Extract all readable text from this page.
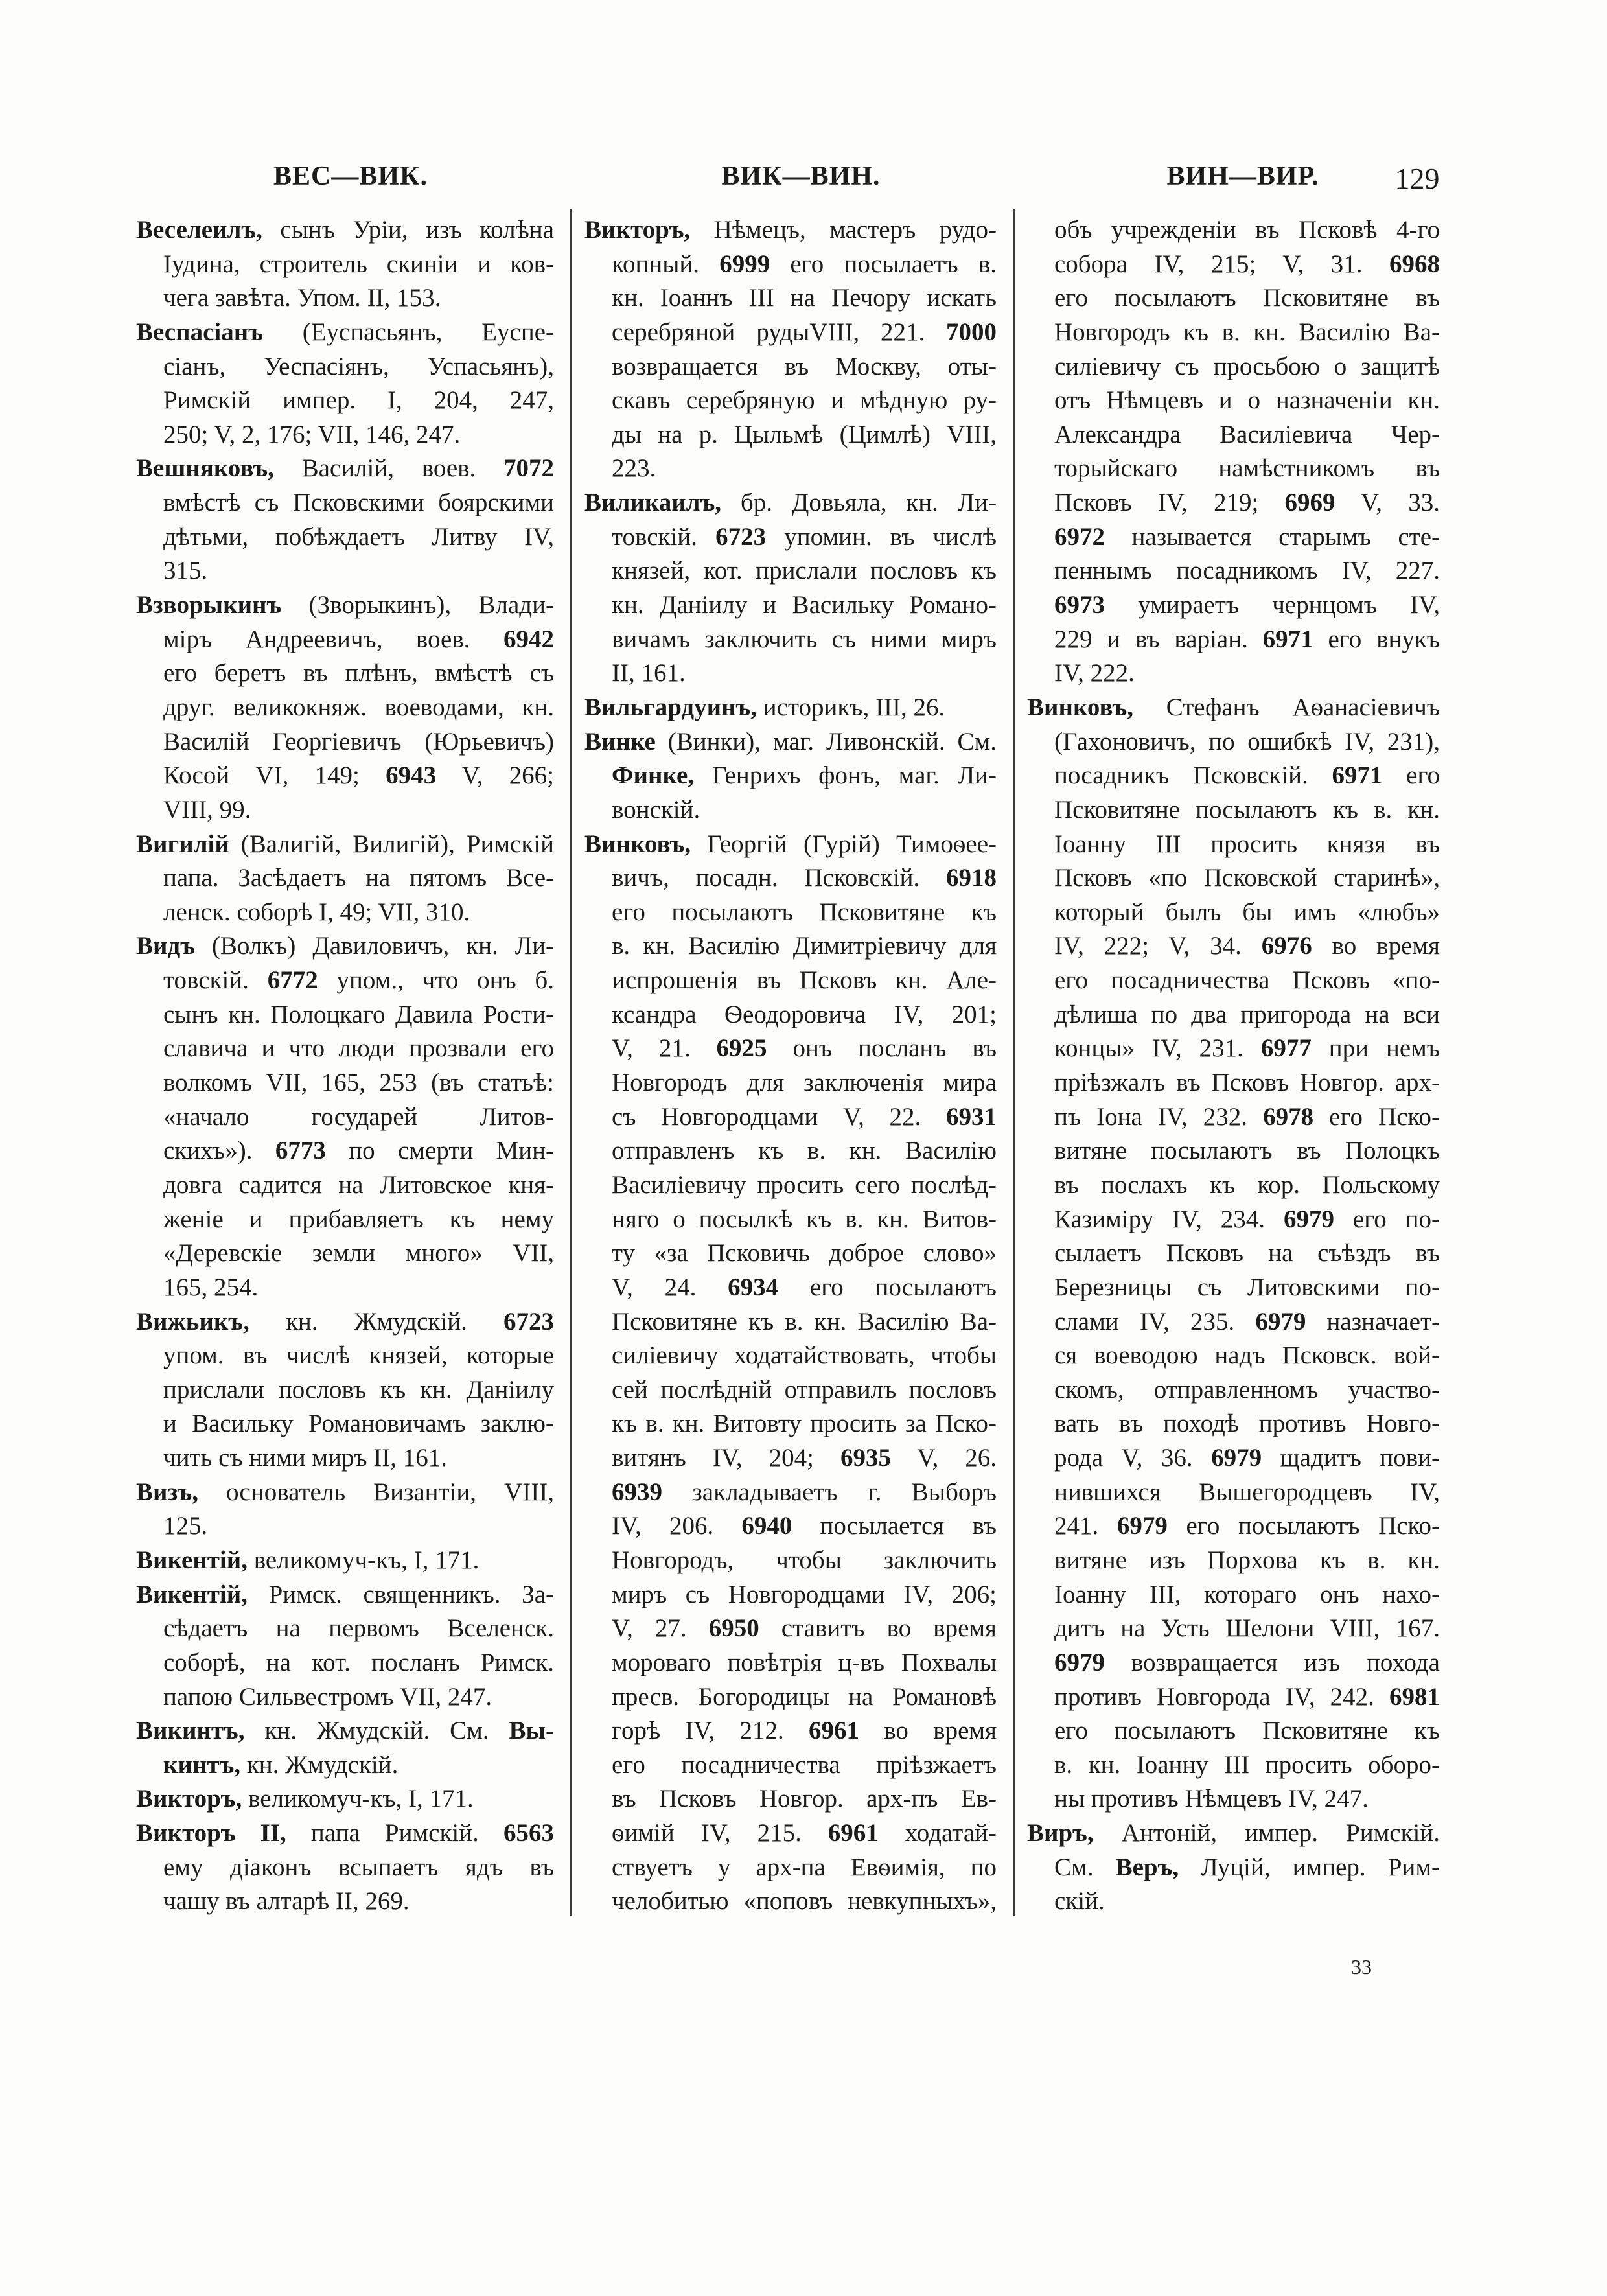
ВЕС—ВИК.	ВИК—ВИН.	ВИН—ВИР.	129
Веселеилъ, сынъ Уріи, изъ колѣна
Іудина, строитель скиніи и ков-
чега завѣта. Упом. II, 153.
Веспасіанъ (Еуспасьянъ, Еуспе-
сіанъ, Уеспасіянъ, Успасьянъ),
Римскій импер. I, 204, 247,
250; V, 2, 176; VII, 146, 247.
Вешняковъ, Василій, воев. 7072
вмѣстѣ съ Псковскими боярскими
дѣтьми, побѣждаетъ Литву IV,
315.
Взворыкинъ (Зворыкинъ), Влади-
міръ Андреевичъ, воев. 6942
его беретъ въ плѣнъ, вмѣстѣ съ
друг. великокняж. воеводами, кн.
Василій Георгіевичъ (Юрьевичъ)
Косой VI, 149; 6943 V, 266;
VIII, 99.
Вигилій (Валигій, Вилигій), Римскій
папа. Засѣдаетъ на пятомъ Все-
ленск. соборѣ I, 49; VII, 310.
Видъ (Волкъ) Давиловичъ, кн. Ли-
товскій. 6772 упом., что онъ б.
сынъ кн. Полоцкаго Давила Рости-
славича и что люди прозвали его
волкомъ VII, 165, 253 (въ статьѣ:
«начало государей Литов-
скихъ»). 6773 по смерти Мин-
довга садится на Литовское кня-
женіе и прибавляетъ къ нему
«Деревскіе земли много» VII,
165, 254.
Вижьикъ, кн. Жмудскій. 6723
упом. въ числѣ князей, которые
прислали пословъ къ кн. Даніилу
и Васильку Романовичамъ заклю-
чить съ ними миръ II, 161.
Визъ, основатель Византіи, VIII,
125.
Викентій, великомуч-къ, I, 171.
Викентій, Римск. священникъ. За-
сѣдаетъ на первомъ Вселенск.
соборѣ, на кот. посланъ Римск.
папою Сильвестромъ VII, 247.
Викинтъ, кн. Жмудскій. См. Вы-
кинтъ, кн. Жмудскій.
Викторъ, великомуч-къ, I, 171.
Викторъ II, папа Римскій. 6563
ему діаконъ всыпаетъ ядъ въ
чашу въ алтарѣ II, 269.
Викторъ, Нѣмецъ, мастеръ рудо-
копный. 6999 его посылаетъ в.
кн. Іоаннъ III на Печору искать
серебряной рудыVIII, 221. 7000
возвращается въ Москву, оты-
скавъ серебряную и мѣдную ру-
ды на р. Цыльмѣ (Цимлѣ) VIII,
223.
Виликаилъ, бр. Довьяла, кн. Ли-
товскій. 6723 упомин. въ числѣ
князей, кот. прислали пословъ къ
кн. Даніилу и Васильку Романо-
вичамъ заключить съ ними миръ
II, 161.
Вильгардуинъ, историкъ, III, 26.
Винке (Винки), маг. Ливонскій. См.
Финке, Генрихъ фонъ, маг. Ли-
вонскій.
Винковъ, Георгій (Гурій) Тимоѳее-
вичъ, посадн. Псковскій. 6918
его посылаютъ Псковитяне къ
в. кн. Василію Димитріевичу для
испрошенія въ Псковъ кн. Але-
ксандра Ѳеодоровича IV, 201;
V, 21. 6925 онъ посланъ въ
Новгородъ для заключенія мира
съ Новгородцами V, 22. 6931
отправленъ къ в. кн. Василію
Василіевичу просить сего послѣд-
няго о посылкѣ къ в. кн. Витов-
ту «за Псковичь доброе слово»
V, 24. 6934 его посылаютъ
Псковитяне къ в. кн. Василію Ва-
силіевичу ходатайствовать, чтобы
сей послѣдній отправилъ пословъ
къ в. кн. Витовту просить за Пско-
витянъ IV, 204; 6935 V, 26.
6939 закладываетъ г. Выборъ
IV, 206. 6940 посылается въ
Новгородъ, чтобы заключить
миръ съ Новгородцами IV, 206;
V, 27. 6950 ставитъ во время
мороваго повѣтрія ц-въ Похвалы
пресв. Богородицы на Романовѣ
горѣ IV, 212. 6961 во время
его посадничества пріѣзжаетъ
въ Псковъ Новгор. арх-пъ Ев-
ѳимій IV, 215. 6961 ходатай-
ствуетъ у арх-па Евѳимія, по
челобитью «поповъ невкупныхъ»,
объ учрежденіи въ Псковѣ 4-го
собора IV, 215; V, 31. 6968
его посылаютъ Псковитяне въ
Новгородъ къ в. кн. Василію Ва-
силіевичу съ просьбою о защитѣ
отъ Нѣмцевъ и о назначеніи кн.
Александра Василіевича Чер-
торыйскаго намѣстникомъ въ
Псковъ IV, 219; 6969 V, 33.
6972 называется старымъ сте-
пеннымъ посадникомъ IV, 227.
6973 умираетъ чернцомъ IV,
229 и въ варіан. 6971 его внукъ
IV, 222.
Винковъ, Стефанъ Аѳанасіевичъ
(Гахоновичъ, по ошибкѣ IV, 231),
посадникъ Псковскій. 6971 его
Псковитяне посылаютъ къ в. кн.
Іоанну III просить князя въ
Псковъ «по Псковской старинѣ»,
который былъ бы имъ «любъ»
IV, 222; V, 34. 6976 во время
его посадничества Псковъ «по-
дѣлиша по два пригорода на вси
концы» IV, 231. 6977 при немъ
пріѣзжалъ въ Псковъ Новгор. арх-
пъ Іона IV, 232. 6978 его Пско-
витяне посылаютъ въ Полоцкъ
въ послахъ къ кор. Польскому
Казиміру IV, 234. 6979 его по-
сылаетъ Псковъ на съѣздъ въ
Березницы съ Литовскими по-
слами IV, 235. 6979 назначает-
ся воеводою надъ Псковск. вой-
скомъ, отправленномъ участво-
вать въ походѣ противъ Новго-
рода V, 36. 6979 щадитъ пови-
нившихся Вышегородцевъ IV,
241. 6979 его посылаютъ Пско-
витяне изъ Порхова къ в. кн.
Іоанну III, котораго онъ нахо-
дитъ на Усть Шелони VIII, 167.
6979 возвращается изъ похода
противъ Новгорода IV, 242. 6981
его посылаютъ Псковитяне къ
в. кн. Іоанну III просить оборо-
ны противъ Нѣмцевъ IV, 247.
Виръ, Антоній, импер. Римскій.
См. Веръ, Луцій, импер. Рим-
скій.
33
